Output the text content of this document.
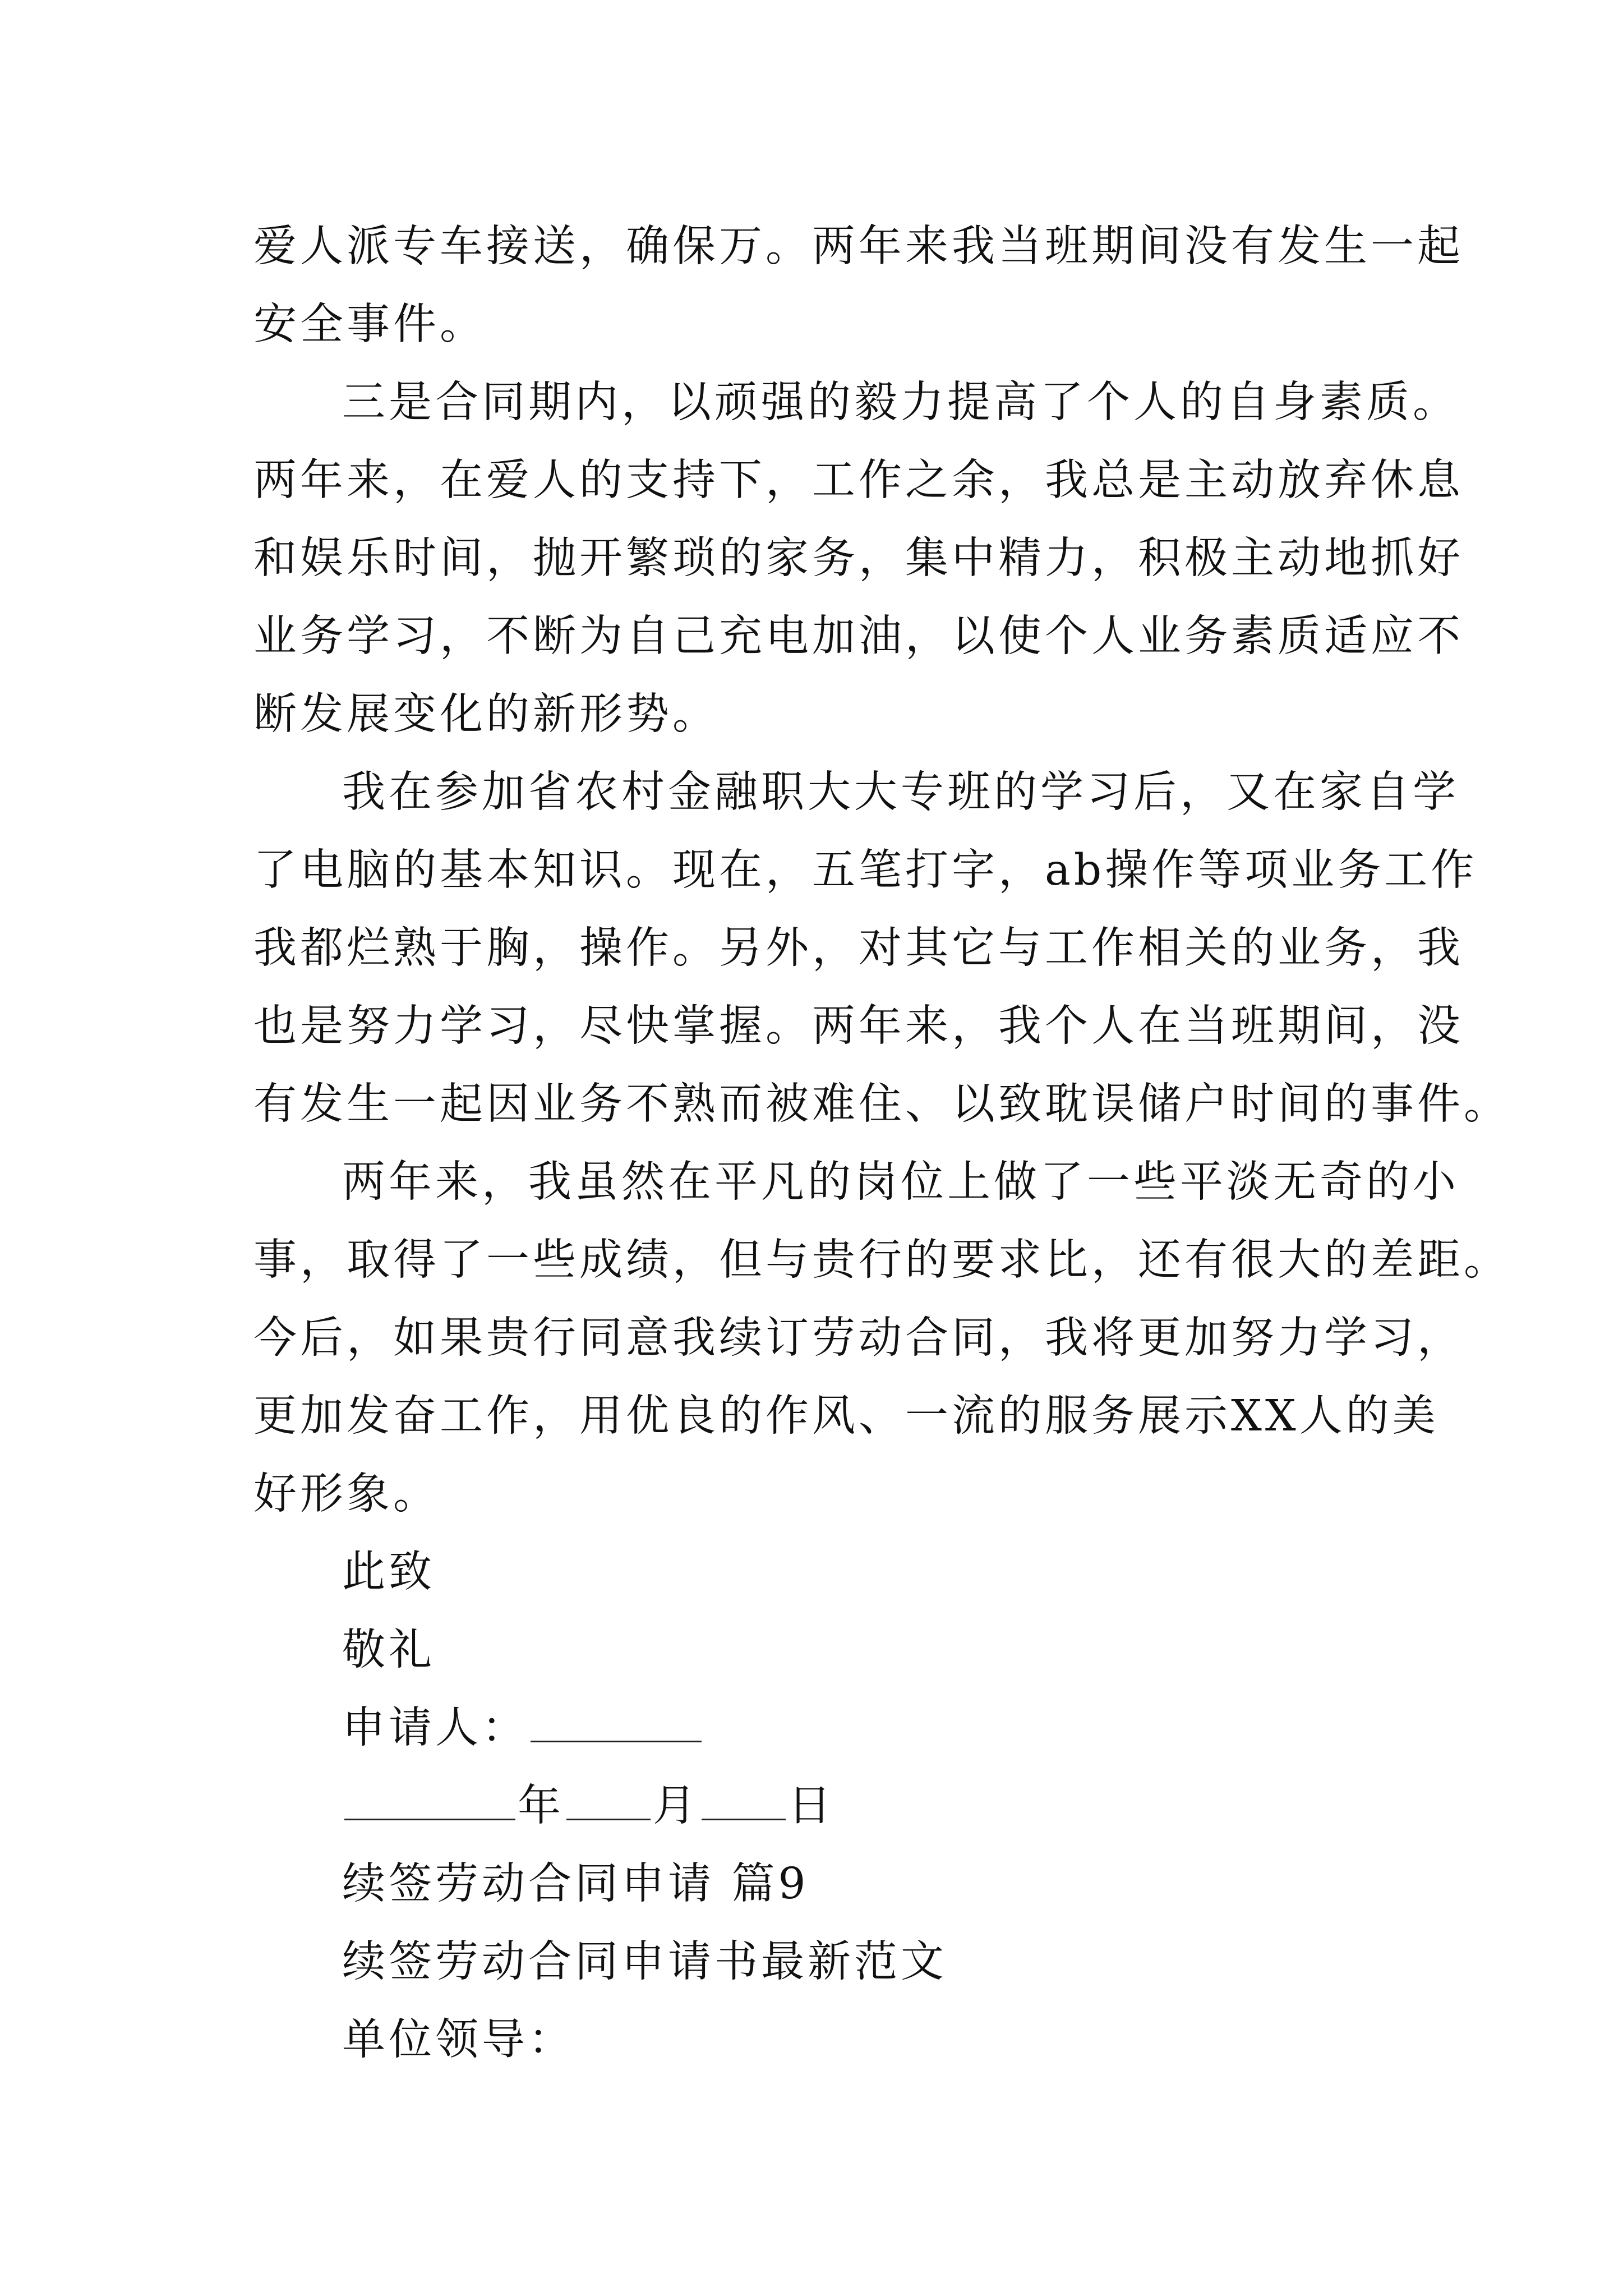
爱人派专车接送，确保万。两年来我当班期间没有发生一起

安全事件。

三是合同期内，以顽强的毅力提高了个人的自身素质。

两年来，在爱人的支持下，工作之余，我总是主动放弃休息

和娱乐时间，抛开繁琐的家务，集中精力，积极主动地抓好

业务学习，不断为自己充电加油，以使个人业务素质适应不

断发展变化的新形势。

我在参加省农村金融职大大专班的学习后，又在家自学

了电脑的基本知识。现在，五笔打字，ab操作等项业务工作

我都烂熟于胸，操作。另外，对其它与工作相关的业务，我

也是努力学习，尽快掌握。两年来，我个人在当班期间，没

有发生一起因业务不熟而被难住、以致耽误储户时间的事件。

两年来，我虽然在平凡的岗位上做了一些平淡无奇的小

事，取得了一些成绩，但与贵行的要求比，还有很大的差距。

今后，如果贵行同意我续订劳动合同，我将更加努力学习，

更加发奋工作，用优良的作风、一流的服务展示XX人的美

好形象。

此致

敬礼

申请人：

年 月 日

续签劳动合同申请 篇9

续签劳动合同申请书最新范文

单位领导：
